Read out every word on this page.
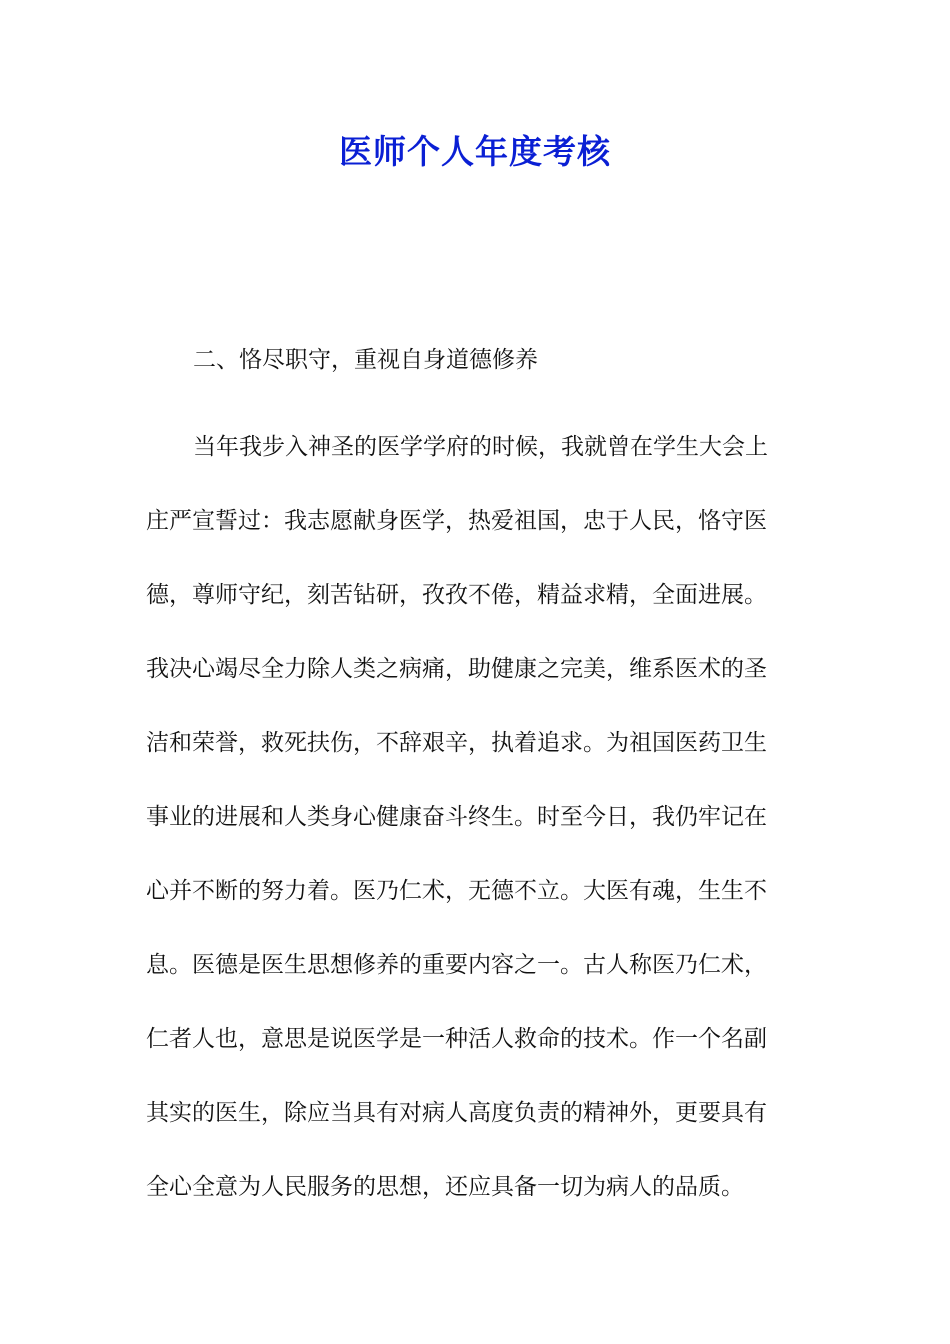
医师个人年度考核

二、恪尽职守，重视自身道德修养

当年我步入神圣的医学学府的时候，我就曾在学生大会上
庄严宣誓过：我志愿献身医学，热爱祖国，忠于人民，恪守医
德，尊师守纪，刻苦钻研，孜孜不倦，精益求精，全面进展。
我决心竭尽全力除人类之病痛，助健康之完美，维系医术的圣
洁和荣誉，救死扶伤，不辞艰辛，执着追求。为祖国医药卫生
事业的进展和人类身心健康奋斗终生。时至今日，我仍牢记在
心并不断的努力着。医乃仁术，无德不立。大医有魂，生生不
息。医德是医生思想修养的重要内容之一。古人称医乃仁术，
仁者人也，意思是说医学是一种活人救命的技术。作一个名副
其实的医生，除应当具有对病人高度负责的精神外，更要具有
全心全意为人民服务的思想，还应具备一切为病人的品质。
